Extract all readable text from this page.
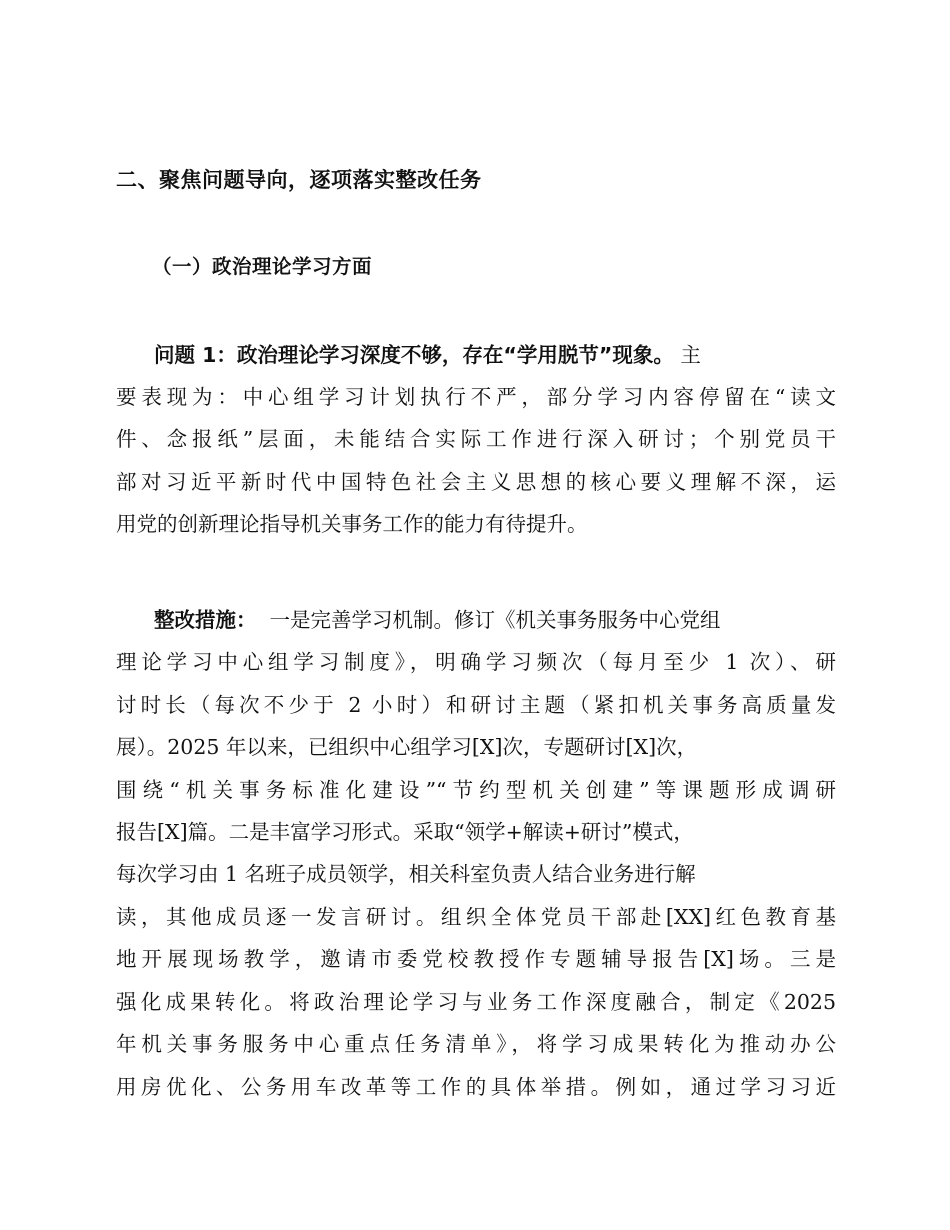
二、聚焦问题导向，逐项落实整改任务
（一）政治理论学习方面
问题 1：政治理论学习深度不够，存在“学用脱节”现象。 主
要表现为：中心组学习计划执行不严，部分学习内容停留在“读文
件、念报纸”层面，未能结合实际工作进行深入研讨；个别党员干
部对习近平新时代中国特色社会主义思想的核心要义理解不深，运
用党的创新理论指导机关事务工作的能力有待提升。
整改措施： 一是完善学习机制。修订《机关事务服务中心党组
理论学习中心组学习制度》，明确学习频次（每月至少 1 次）、研
讨时长（每次不少于 2 小时）和研讨主题（紧扣机关事务高质量发
展）。2025 年以来，已组织中心组学习[X]次，专题研讨[X]次，
围绕“机关事务标准化建设”“节约型机关创建”等课题形成调研
报告[X]篇。二是丰富学习形式。采取“领学+解读+研讨”模式，
每次学习由 1 名班子成员领学，相关科室负责人结合业务进行解
读，其他成员逐一发言研讨。组织全体党员干部赴[XX]红色教育基
地开展现场教学，邀请市委党校教授作专题辅导报告[X]场。三是
强化成果转化。将政治理论学习与业务工作深度融合，制定《2025
年机关事务服务中心重点任务清单》，将学习成果转化为推动办公
用房优化、公务用车改革等工作的具体举措。例如，通过学习习近
